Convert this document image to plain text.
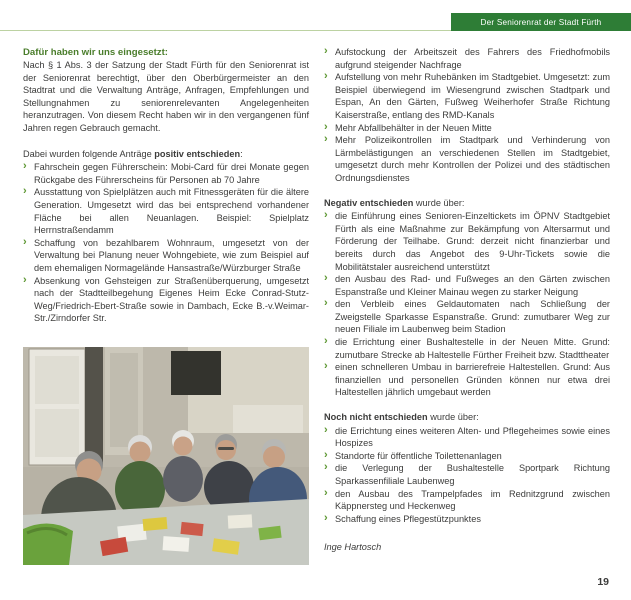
Der Seniorenrat der Stadt Fürth
Dafür haben wir uns eingesetzt:

Nach § 1 Abs. 3 der Satzung der Stadt Fürth für den Seniorenrat ist der Seniorenrat berechtigt, über den Oberbürgermeister an den Stadtrat und die Verwaltung Anträge, Anfragen, Empfehlungen und Stellungnahmen zu seniorenrelevanten Angelegenheiten heranzutragen. Von diesem Recht haben wir in den vergangenen fünf Jahren regen Gebrauch gemacht.

Dabei wurden folgende Anträge positiv entschieden:

› Fahrschein gegen Führerschein: Mobi-Card für drei Monate gegen Rückgabe des Führerscheins für Personen ab 70 Jahre
› Ausstattung von Spielplätzen auch mit Fitnessgeräten für die ältere Generation. Umgesetzt wird das bei entsprechend vorhandener Fläche bei allen Neuanlagen. Beispiel: Spielplatz Herrnstraßendamm
› Schaffung von bezahlbarem Wohnraum, umgesetzt von der Verwaltung bei Planung neuer Wohngebiete, wie zum Beispiel auf dem ehemaligen Normagelände Hansastraße/Würzburger Straße
› Absenkung von Gehsteigen zur Straßenüberquerung, umgesetzt nach der Stadtteilbegehung Eigenes Heim Ecke Conrad-Stutz-Weg/Friedrich-Ebert-Straße sowie in Dambach, Ecke B.-v.Weimar-Str./Zirndorfer Str.
› Aufstockung der Arbeitszeit des Fahrers des Friedhofmobils aufgrund steigender Nachfrage
› Aufstellung von mehr Ruhebänken im Stadtgebiet. Umgesetzt: zum Beispiel überwiegend im Wiesengrund zwischen Stadtpark und Espan, An den Gärten, Fußweg Weiherhofer Straße Richtung Kaiserstraße, entlang des RMD-Kanals
› Mehr Abfallbehälter in der Neuen Mitte
› Mehr Polizeikontrollen im Stadtpark und Verhinderung von Lärmbelästigungen an verschiedenen Stellen im Stadtgebiet, umgesetzt durch mehr Kontrollen der Polizei und des städtischen Ordnungsdienstes

Negativ entschieden wurde über:

› die Einführung eines Senioren-Einzeltickets im ÖPNV Stadtgebiet Fürth als eine Maßnahme zur Bekämpfung von Altersarmut und Förderung der Teilhabe. Grund: derzeit nicht finanzierbar und bereits durch das Angebot des 9-Uhr-Tickets sowie die Mobilitätstaler ausreichend unterstützt
› den Ausbau des Rad- und Fußweges an den Gärten zwischen Espanstraße und Kleiner Mainau wegen zu starker Neigung
› den Verbleib eines Geldautomaten nach Schließung der Zweigstelle Sparkasse Espanstraße. Grund: zumutbarer Weg zur neuen Filiale im Laubenweg beim Stadion
› die Errichtung einer Bushaltestelle in der Neuen Mitte. Grund: zumutbare Strecke ab Haltestelle Fürther Freiheit bzw. Stadttheater
› einen schnelleren Umbau in barrierefreie Haltestellen. Grund: Aus finanziellen und personellen Gründen können nur etwa drei Haltestellen jährlich umgebaut werden

Noch nicht entschieden wurde über:

› die Errichtung eines weiteren Alten- und Pflegeheimes sowie eines Hospizes
› Standorte für öffentliche Toilettenanlagen
› die Verlegung der Bushaltestelle Sportpark Richtung Sparkassenfiliale Laubenweg
› den Ausbau des Trampelpfades im Rednitzgrund zwischen Käppnersteg und Heckenweg
› Schaffung eines Pflegestützpunktes

Inge Hartosch

19
